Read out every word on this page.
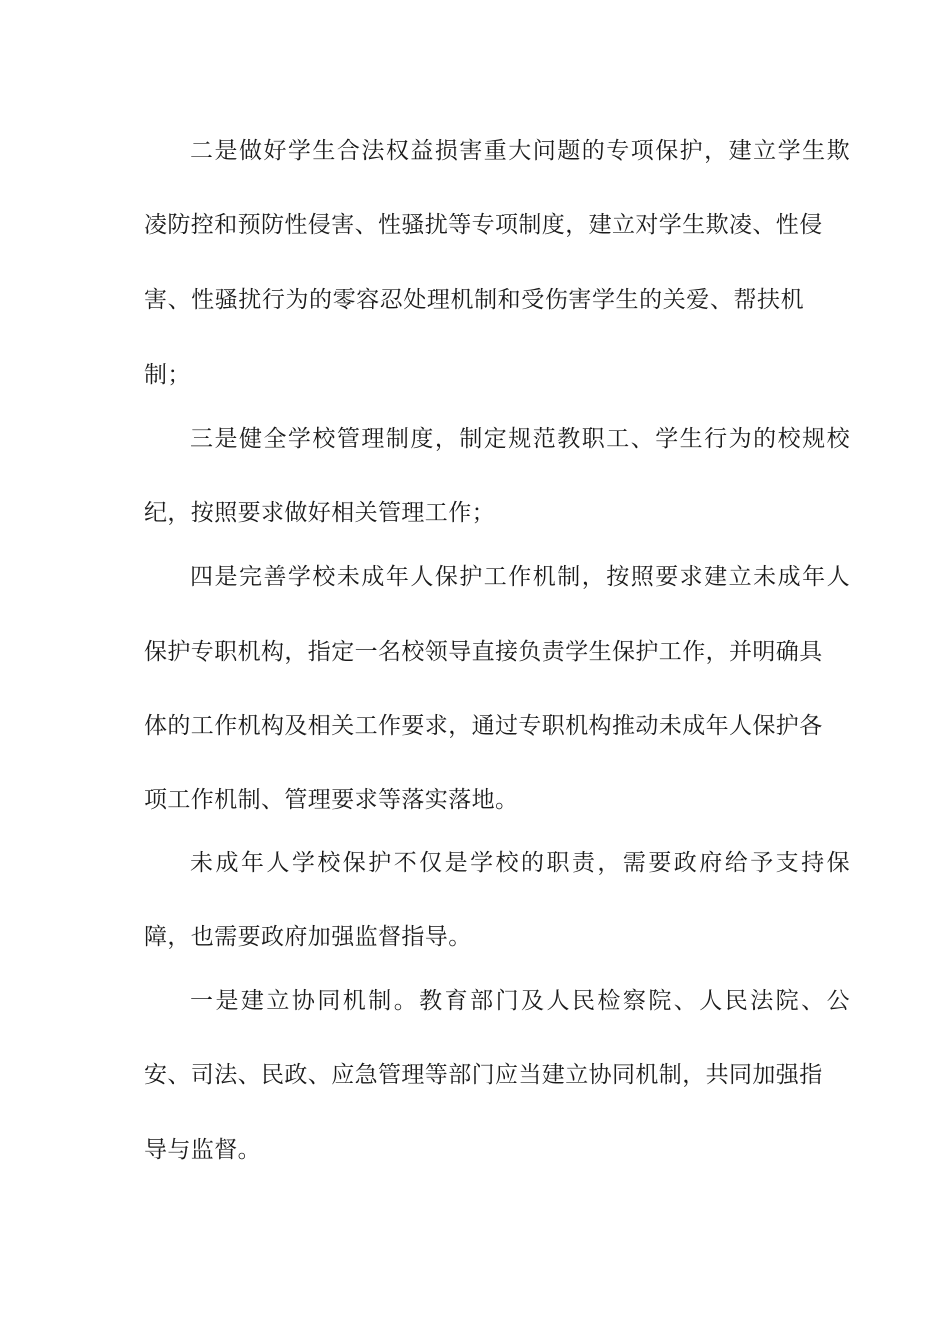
二是做好学生合法权益损害重大问题的专项保护，建立学生欺
凌防控和预防性侵害、性骚扰等专项制度，建立对学生欺凌、性侵
害、性骚扰行为的零容忍处理机制和受伤害学生的关爱、帮扶机
制；
三是健全学校管理制度，制定规范教职工、学生行为的校规校
纪，按照要求做好相关管理工作；
四是完善学校未成年人保护工作机制，按照要求建立未成年人
保护专职机构，指定一名校领导直接负责学生保护工作，并明确具
体的工作机构及相关工作要求，通过专职机构推动未成年人保护各
项工作机制、管理要求等落实落地。
未成年人学校保护不仅是学校的职责，需要政府给予支持保
障，也需要政府加强监督指导。
一是建立协同机制。教育部门及人民检察院、人民法院、公
安、司法、民政、应急管理等部门应当建立协同机制，共同加强指
导与监督。
